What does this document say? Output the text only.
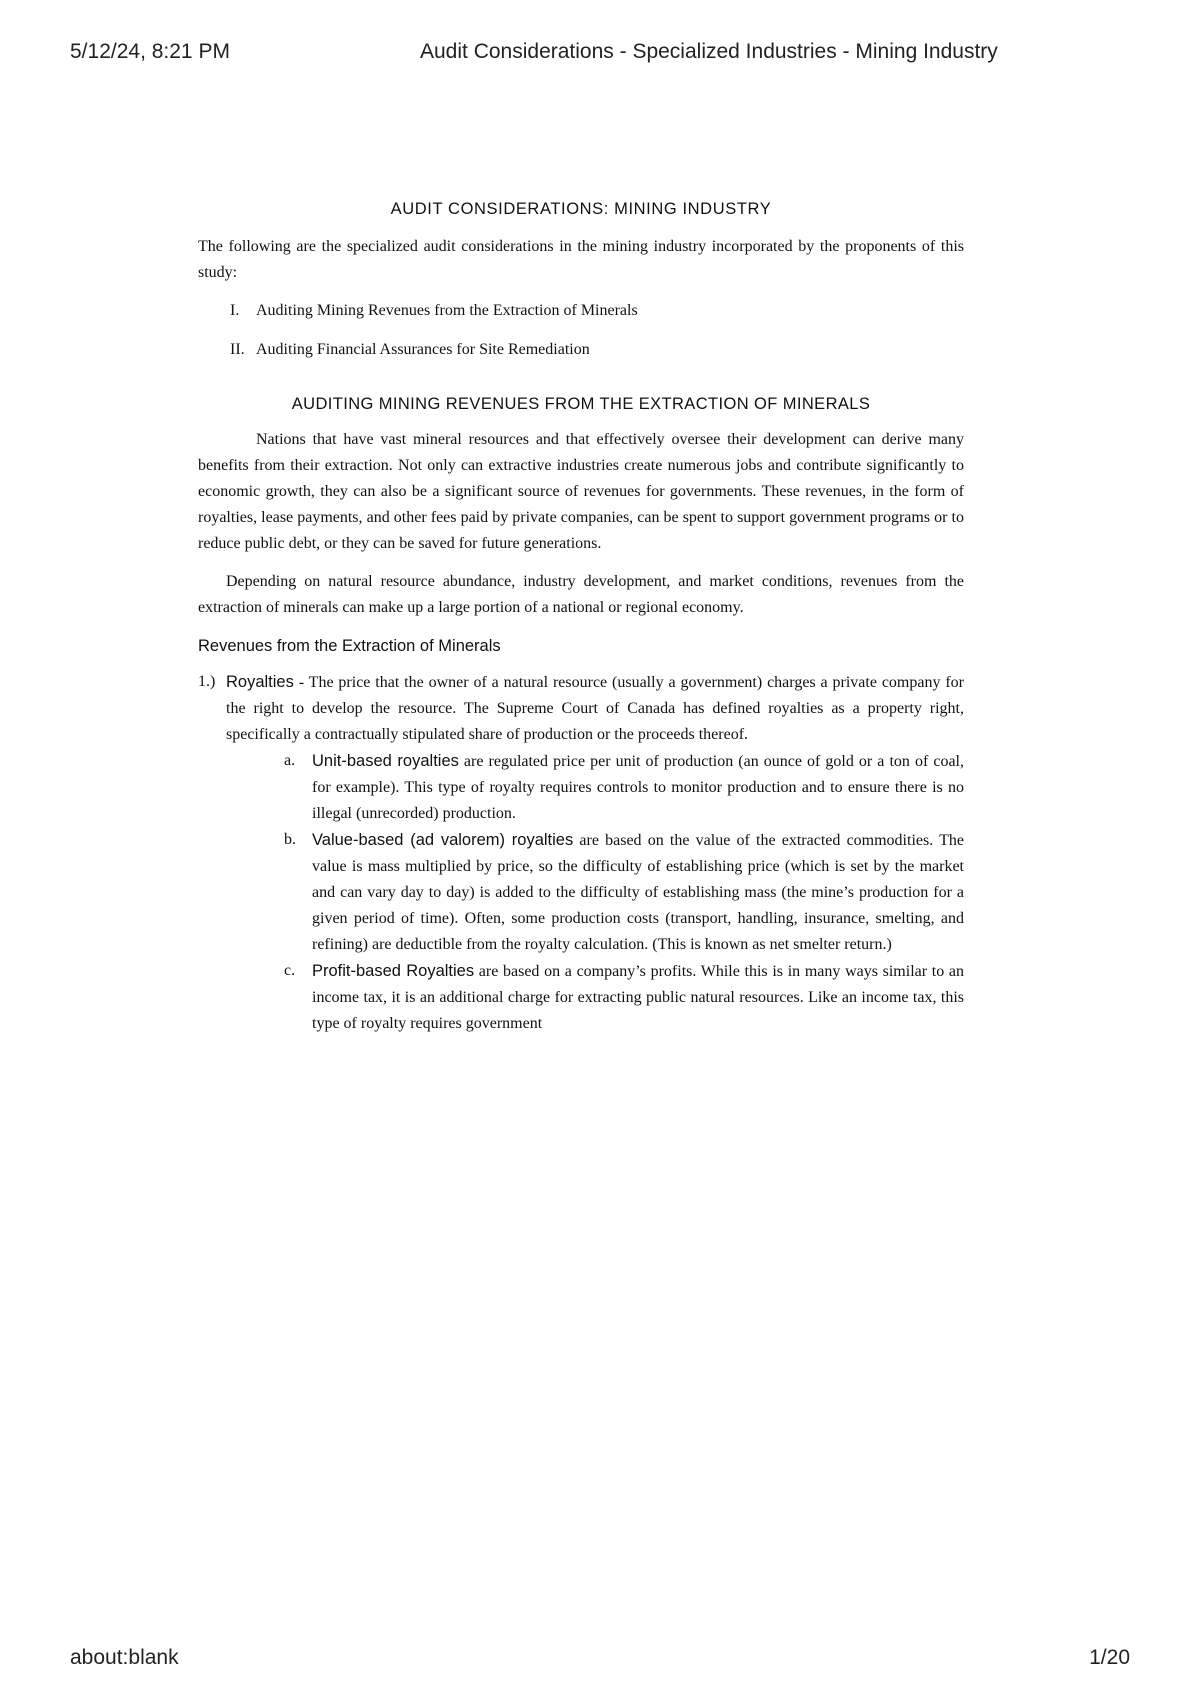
5/12/24, 8:21 PM	Audit Considerations - Specialized Industries - Mining Industry
AUDIT CONSIDERATIONS: MINING INDUSTRY

The following are the specialized audit considerations in the mining industry incorporated by the proponents of this study:

I.	Auditing Mining Revenues from the Extraction of Minerals
II. Auditing Financial Assurances for Site Remediation
AUDITING MINING REVENUES FROM THE EXTRACTION OF MINERALS

Nations that have vast mineral resources and that effectively oversee their development can derive many benefits from their extraction. Not only can extractive industries create numerous jobs and contribute significantly to economic growth, they can also be a significant source of revenues for governments. These revenues, in the form of royalties, lease payments, and other fees paid by private companies, can be spent to support government programs or to reduce public debt, or they can be saved for future generations.

Depending on natural resource abundance, industry development, and market conditions, revenues from the extraction of minerals can make up a large portion of a national or regional economy.

Revenues from the Extraction of Minerals
1.) Royalties - The price that the owner of a natural resource (usually a government) charges a private company for the right to develop the resource. The Supreme Court of Canada has defined royalties as a property right, specifically a contractually stipulated share of production or the proceeds thereof.
a.	Unit-based royalties are regulated price per unit of production (an ounce of gold or a ton of coal, for example). This type of royalty requires controls to monitor production and to ensure there is no illegal (unrecorded) production.
b. Value-based (ad valorem) royalties are based on the value of the extracted commodities. The value is mass multiplied by price, so the difficulty of establishing price (which is set by the market and can vary day to day) is added to the difficulty of establishing mass (the mine’s production for a given period of time). Often, some production costs (transport, handling, insurance, smelting, and refining) are deductible from the royalty calculation. (This is known as net smelter return.)
c.	Profit-based Royalties are based on a company’s profits. While this is in many ways similar to an income tax, it is an additional charge for extracting public natural resources. Like an income tax, this type of royalty requires government
about:blank	1/20
